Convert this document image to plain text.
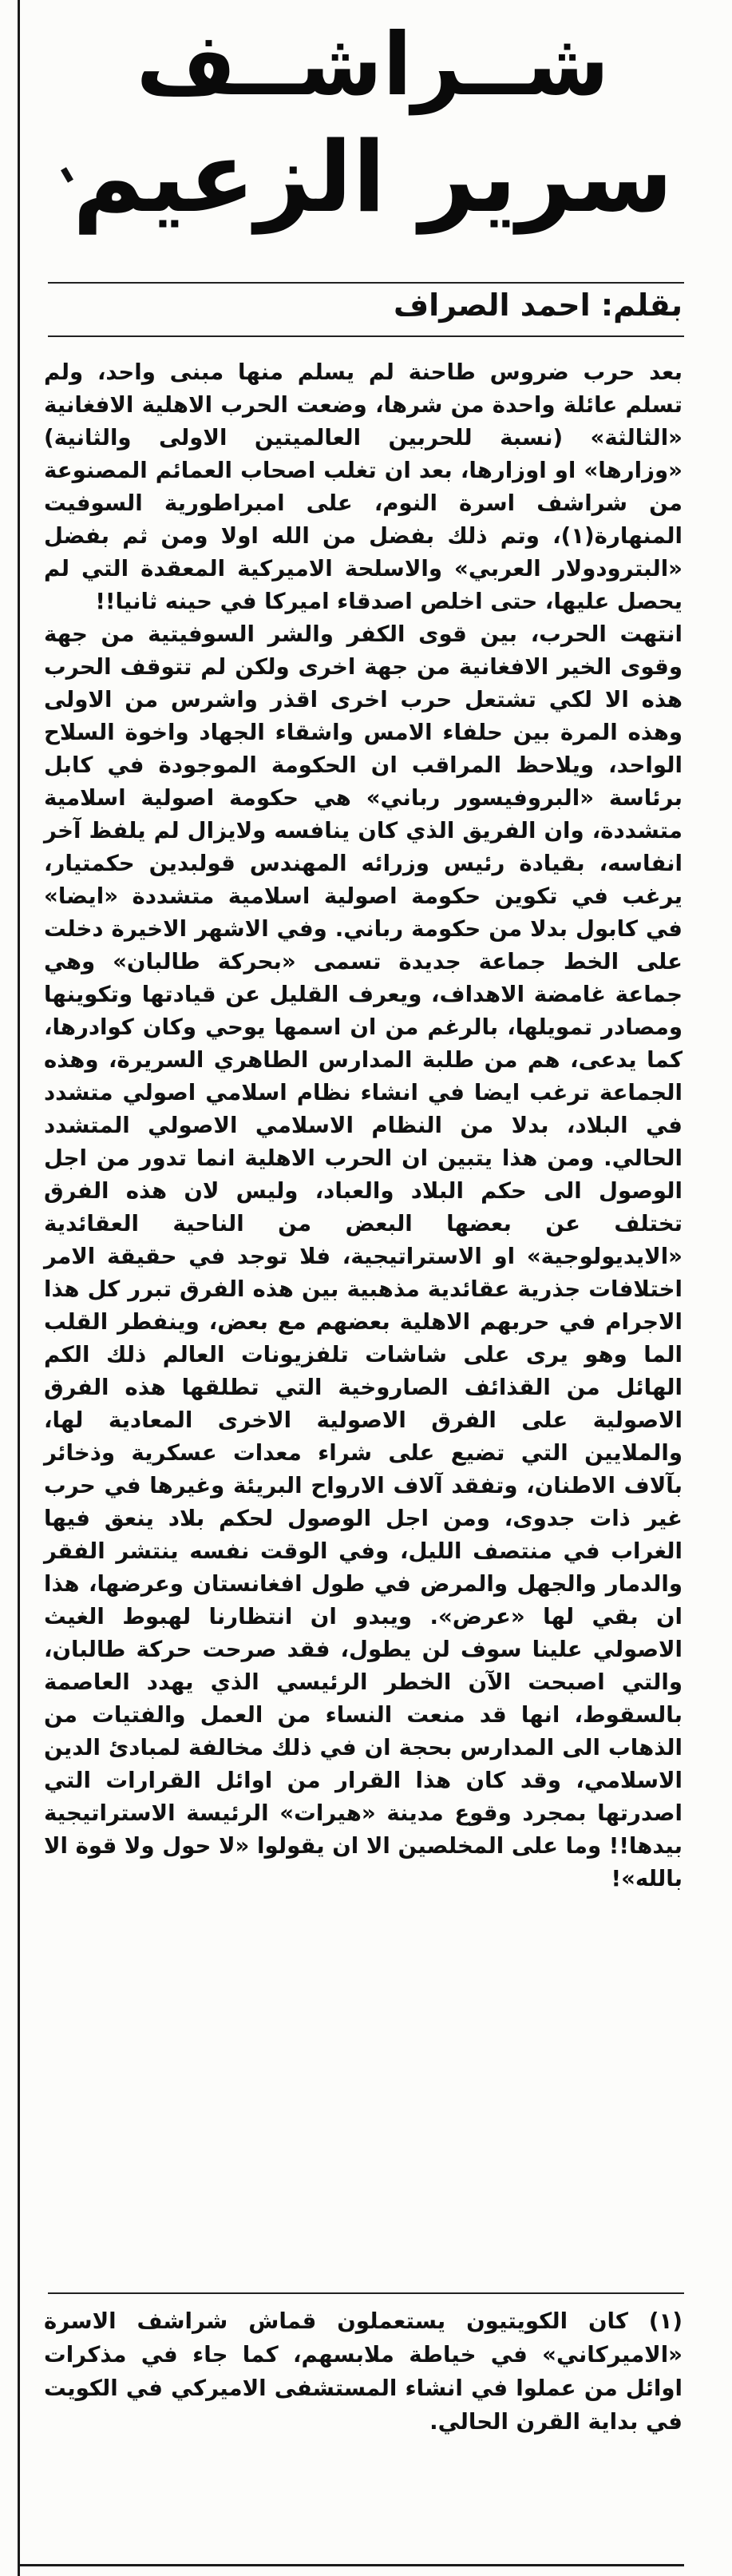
شــراشــف
سرير الزعيم

بقلم: احمد الصراف

بعد حرب ضروس طاحنة لم يسلم منها مبنى واحد، ولم تسلم عائلة واحدة من شرها، وضعت الحرب الاهلية الافغانية «الثالثة» (نسبة للحربين العالميتين الاولى والثانية) «وزارها» او اوزارها، بعد ان تغلب اصحاب العمائم المصنوعة من شراشف اسرة النوم، على امبراطورية السوفيت المنهارة(١)، وتم ذلك بفضل من الله اولا ومن ثم بفضل «البترودولار العربي» والاسلحة الاميركية المعقدة التي لم يحصل عليها، حتى اخلص اصدقاء اميركا في حينه ثانيا!!

انتهت الحرب، بين قوى الكفر والشر السوفيتية من جهة وقوى الخير الافغانية من جهة اخرى ولكن لم تتوقف الحرب هذه الا لكي تشتعل حرب اخرى اقذر واشرس من الاولى وهذه المرة بين حلفاء الامس واشقاء الجهاد واخوة السلاح الواحد، ويلاحظ المراقب ان الحكومة الموجودة في كابل برئاسة «البروفيسور رباني» هي حكومة اصولية اسلامية متشددة، وان الفريق الذي كان ينافسه ولايزال لم يلفظ آخر انفاسه، بقيادة رئيس وزرائه المهندس قولبدين حكمتيار، يرغب في تكوين حكومة اصولية اسلامية متشددة «ايضا» في كابول بدلا من حكومة رباني. وفي الاشهر الاخيرة دخلت على الخط جماعة جديدة تسمى «بحركة طالبان» وهي جماعة غامضة الاهداف، ويعرف القليل عن قيادتها وتكوينها ومصادر تمويلها، بالرغم من ان اسمها يوحي وكان كوادرها، كما يدعى، هم من طلبة المدارس الطاهري السريرة، وهذه الجماعة ترغب ايضا في انشاء نظام اسلامي اصولي متشدد في البلاد، بدلا من النظام الاسلامي الاصولي المتشدد الحالي. ومن هذا يتبين ان الحرب الاهلية انما تدور من اجل الوصول الى حكم البلاد والعباد، وليس لان هذه الفرق تختلف عن بعضها البعض من الناحية العقائدية «الايديولوجية» او الاستراتيجية، فلا توجد في حقيقة الامر اختلافات جذرية عقائدية مذهبية بين هذه الفرق تبرر كل هذا الاجرام في حربهم الاهلية بعضهم مع بعض، وينفطر القلب الما وهو يرى على شاشات تلفزيونات العالم ذلك الكم الهائل من القذائف الصاروخية التي تطلقها هذه الفرق الاصولية على الفرق الاصولية الاخرى المعادية لها، والملايين التي تضيع على شراء معدات عسكرية وذخائر بآلاف الاطنان، وتفقد آلاف الارواح البريئة وغيرها في حرب غير ذات جدوى، ومن اجل الوصول لحكم بلاد ينعق فيها الغراب في منتصف الليل، وفي الوقت نفسه ينتشر الفقر والدمار والجهل والمرض في طول افغانستان وعرضها، هذا ان بقي لها «عرض». ويبدو ان انتظارنا لهبوط الغيث الاصولي علينا سوف لن يطول، فقد صرحت حركة طالبان، والتي اصبحت الآن الخطر الرئيسي الذي يهدد العاصمة بالسقوط، انها قد منعت النساء من العمل والفتيات من الذهاب الى المدارس بحجة ان في ذلك مخالفة لمبادئ الدين الاسلامي، وقد كان هذا القرار من اوائل القرارات التي اصدرتها بمجرد وقوع مدينة «هيرات» الرئيسة الاستراتيجية بيدها!! وما على المخلصين الا ان يقولوا «لا حول ولا قوة الا بالله»!

(١) كان الكويتيون يستعملون قماش شراشف الاسرة «الاميركاني» في خياطة ملابسهم، كما جاء في مذكرات اوائل من عملوا في انشاء المستشفى الاميركي في الكويت في بداية القرن الحالي.
